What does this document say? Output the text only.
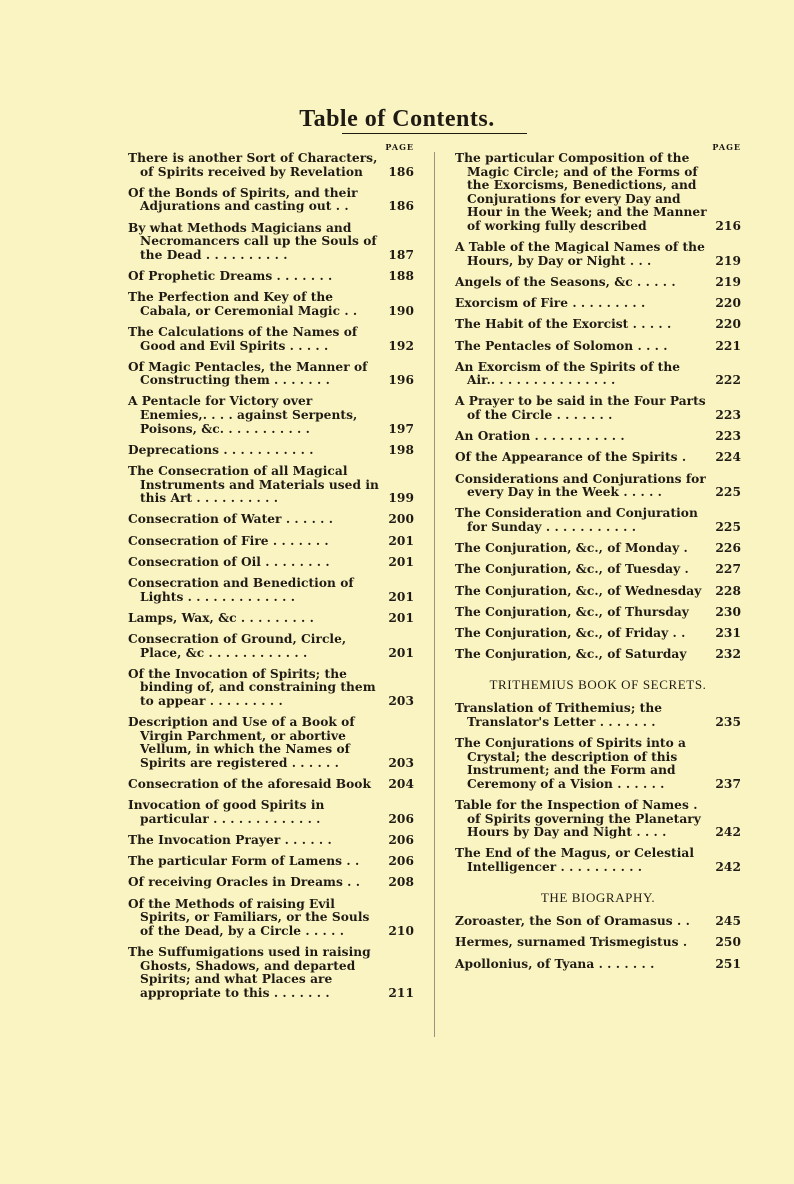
Table of Contents.
PAGE
There is another Sort of Characters, of Spirits received by Revelation	186
Of the Bonds of Spirits, and their Adjurations and casting out . .	186
By what Methods Magicians and Necromancers call up the Souls of the Dead . . . . . . . . . .	187
Of Prophetic Dreams . . . . . . .	188
The Perfection and Key of the Cabala, or Ceremonial Magic . .	190
The Calculations of the Names of Good and Evil Spirits . . . . .	192
Of Magic Pentacles, the Manner of Constructing them . . . . . . .	196
A Pentacle for Victory over Enemies,. . . . against Serpents, Poisons, &c. . . . . . . . . . .	197
Deprecations . . . . . . . . . . .	198
The Consecration of all Magical Instruments and Materials used in this Art . . . . . . . . . .	199
Consecration of Water . . . . . .	200
Consecration of Fire . . . . . . .	201
Consecration of Oil . . . . . . . .	201
Consecration and Benediction of Lights . . . . . . . . . . . . .	201
Lamps, Wax, &c . . . . . . . . .	201
Consecration of Ground, Circle, Place, &c . . . . . . . . . . . .	201
Of the Invocation of Spirits; the binding of, and constraining them to appear . . . . . . . . .	203
Description and Use of a Book of Virgin Parchment, or abortive Vellum, in which the Names of Spirits are registered . . . . . .	203
Consecration of the aforesaid Book	204
Invocation of good Spirits in particular . . . . . . . . . . . . .	206
The Invocation Prayer . . . . . .	206
The particular Form of Lamens . .	206
Of receiving Oracles in Dreams . .	208
Of the Methods of raising Evil Spirits, or Familiars, or the Souls of the Dead, by a Circle . . . . .	210
The Suffumigations used in raising Ghosts, Shadows, and departed Spirits; and what Places are appropriate to this . . . . . . .	211
PAGE
The particular Composition of the Magic Circle; and of the Forms of the Exorcisms, Benedictions, and Conjurations for every Day and Hour in the Week; and the Manner of working fully described	216
A Table of the Magical Names of the Hours, by Day or Night . . .	219
Angels of the Seasons, &c . . . . .	219
Exorcism of Fire . . . . . . . . .	220
The Habit of the Exorcist . . . . .	220
The Pentacles of Solomon . . . .	221
An Exorcism of the Spirits of the Air.. . . . . . . . . . . . . . .	222
A Prayer to be said in the Four Parts of the Circle . . . . . . .	223
An Oration . . . . . . . . . . .	223
Of the Appearance of the Spirits .	224
Considerations and Conjurations for every Day in the Week . . . . .	225
The Consideration and Conjuration for Sunday . . . . . . . . . . .	225
The Conjuration, &c., of Monday .	226
The Conjuration, &c., of Tuesday .	227
The Conjuration, &c., of Wednesday	228
The Conjuration, &c., of Thursday	230
The Conjuration, &c., of Friday . .	231
The Conjuration, &c., of Saturday	232
TRITHEMIUS BOOK OF SECRETS.
Translation of Trithemius; the Translator's Letter . . . . . . .	235
The Conjurations of Spirits into a Crystal; the description of this Instrument; and the Form and Ceremony of a Vision . . . . . .	237
Table for the Inspection of Names . of Spirits governing the Planetary Hours by Day and Night . . . .	242
The End of the Magus, or Celestial Intelligencer . . . . . . . . . .	242
THE BIOGRAPHY.
Zoroaster, the Son of Oramasus . .	245
Hermes, surnamed Trismegistus .	250
Apollonius, of Tyana . . . . . . .	251
